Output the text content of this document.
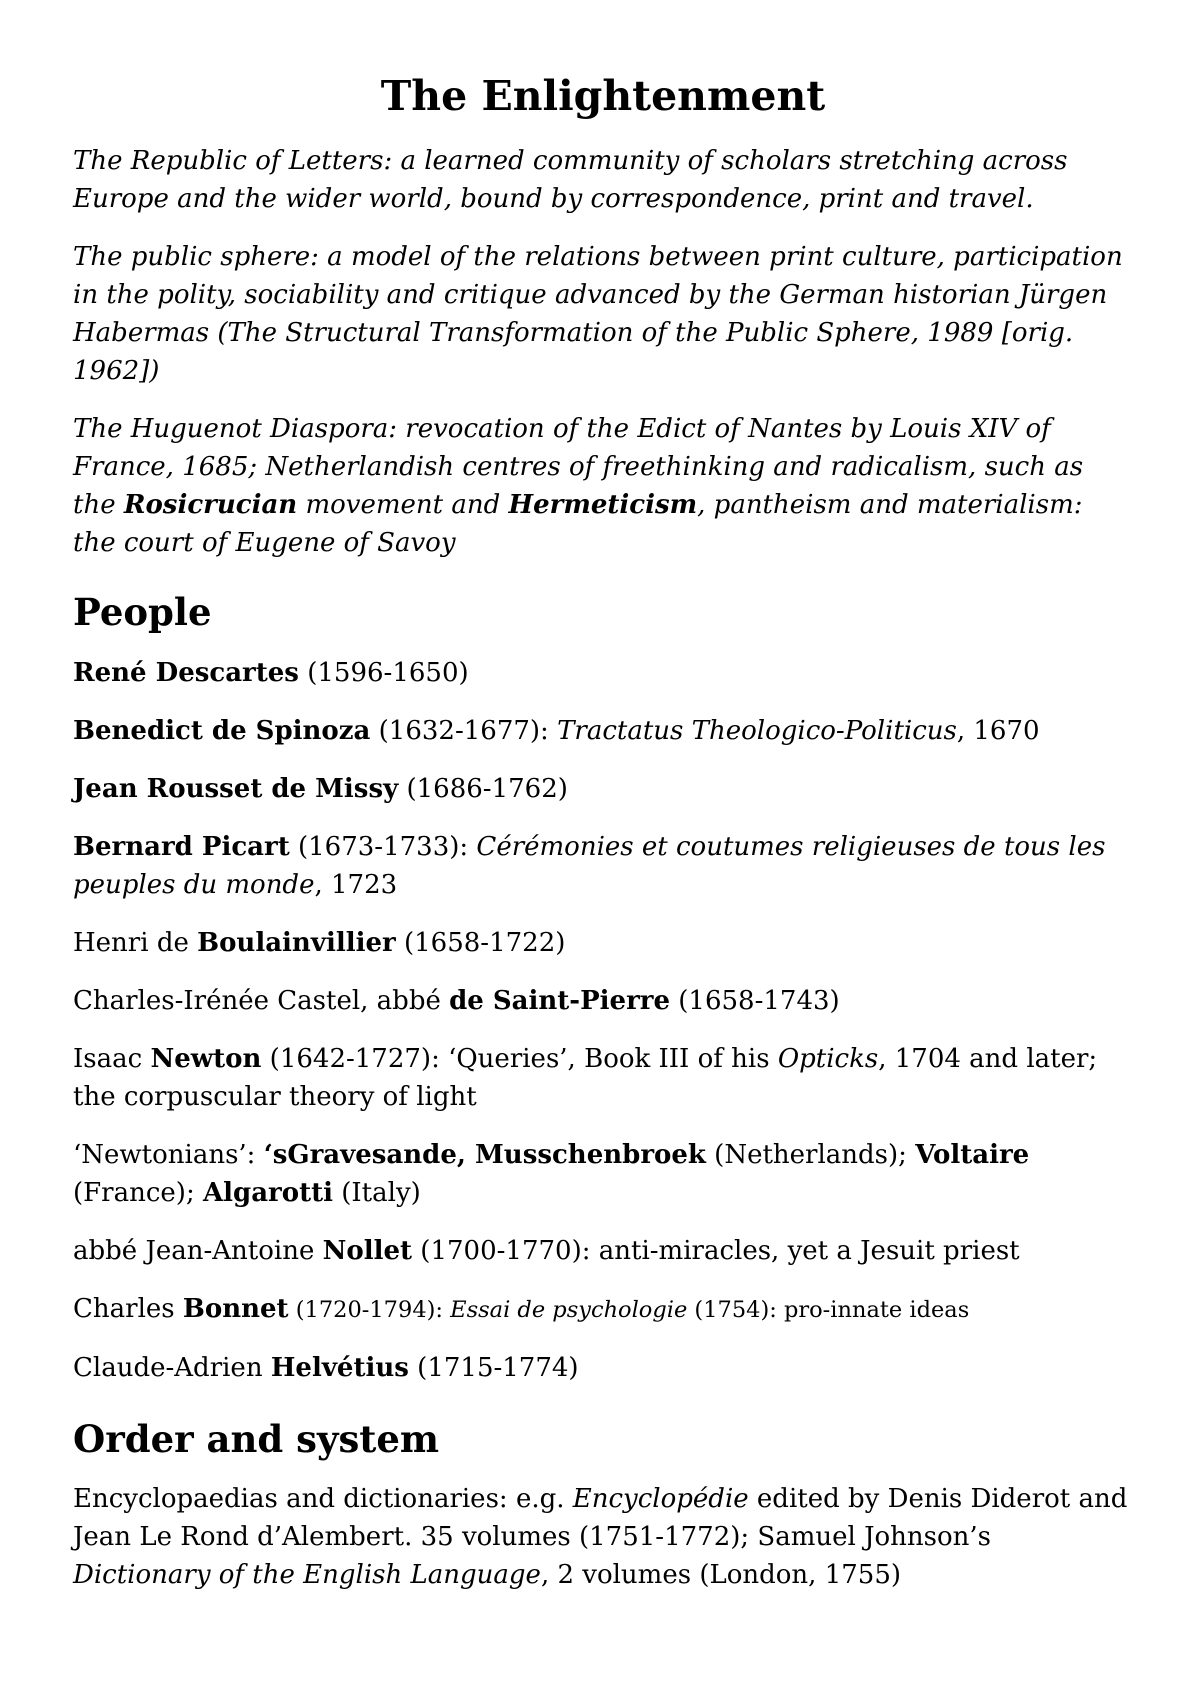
The Enlightenment

The Republic of Letters: a learned community of scholars stretching across Europe and the wider world, bound by correspondence, print and travel.

The public sphere: a model of the relations between print culture, participation in the polity, sociability and critique advanced by the German historian Jürgen Habermas (The Structural Transformation of the Public Sphere, 1989 [orig. 1962])

The Huguenot Diaspora: revocation of the Edict of Nantes by Louis XIV of France, 1685; Netherlandish centres of freethinking and radicalism, such as the Rosicrucian movement and Hermeticism, pantheism and materialism: the court of Eugene of Savoy

People

René Descartes (1596-1650)

Benedict de Spinoza (1632-1677): Tractatus Theologico-Politicus, 1670

Jean Rousset de Missy (1686-1762)

Bernard Picart (1673-1733): Cérémonies et coutumes religieuses de tous les peuples du monde, 1723

Henri de Boulainvillier (1658-1722)

Charles-Irénée Castel, abbé de Saint-Pierre (1658-1743)

Isaac Newton (1642-1727): ‘Queries’, Book III of his Opticks, 1704 and later; the corpuscular theory of light

‘Newtonians’: ‘sGravesande, Musschenbroek (Netherlands); Voltaire (France); Algarotti (Italy)

abbé Jean-Antoine Nollet (1700-1770): anti-miracles, yet a Jesuit priest

Charles Bonnet (1720-1794): Essai de psychologie (1754): pro-innate ideas

Claude-Adrien Helvétius (1715-1774)

Order and system

Encyclopaedias and dictionaries: e.g. Encyclopédie edited by Denis Diderot and Jean Le Rond d’Alembert. 35 volumes (1751-1772); Samuel Johnson’s Dictionary of the English Language, 2 volumes (London, 1755)
